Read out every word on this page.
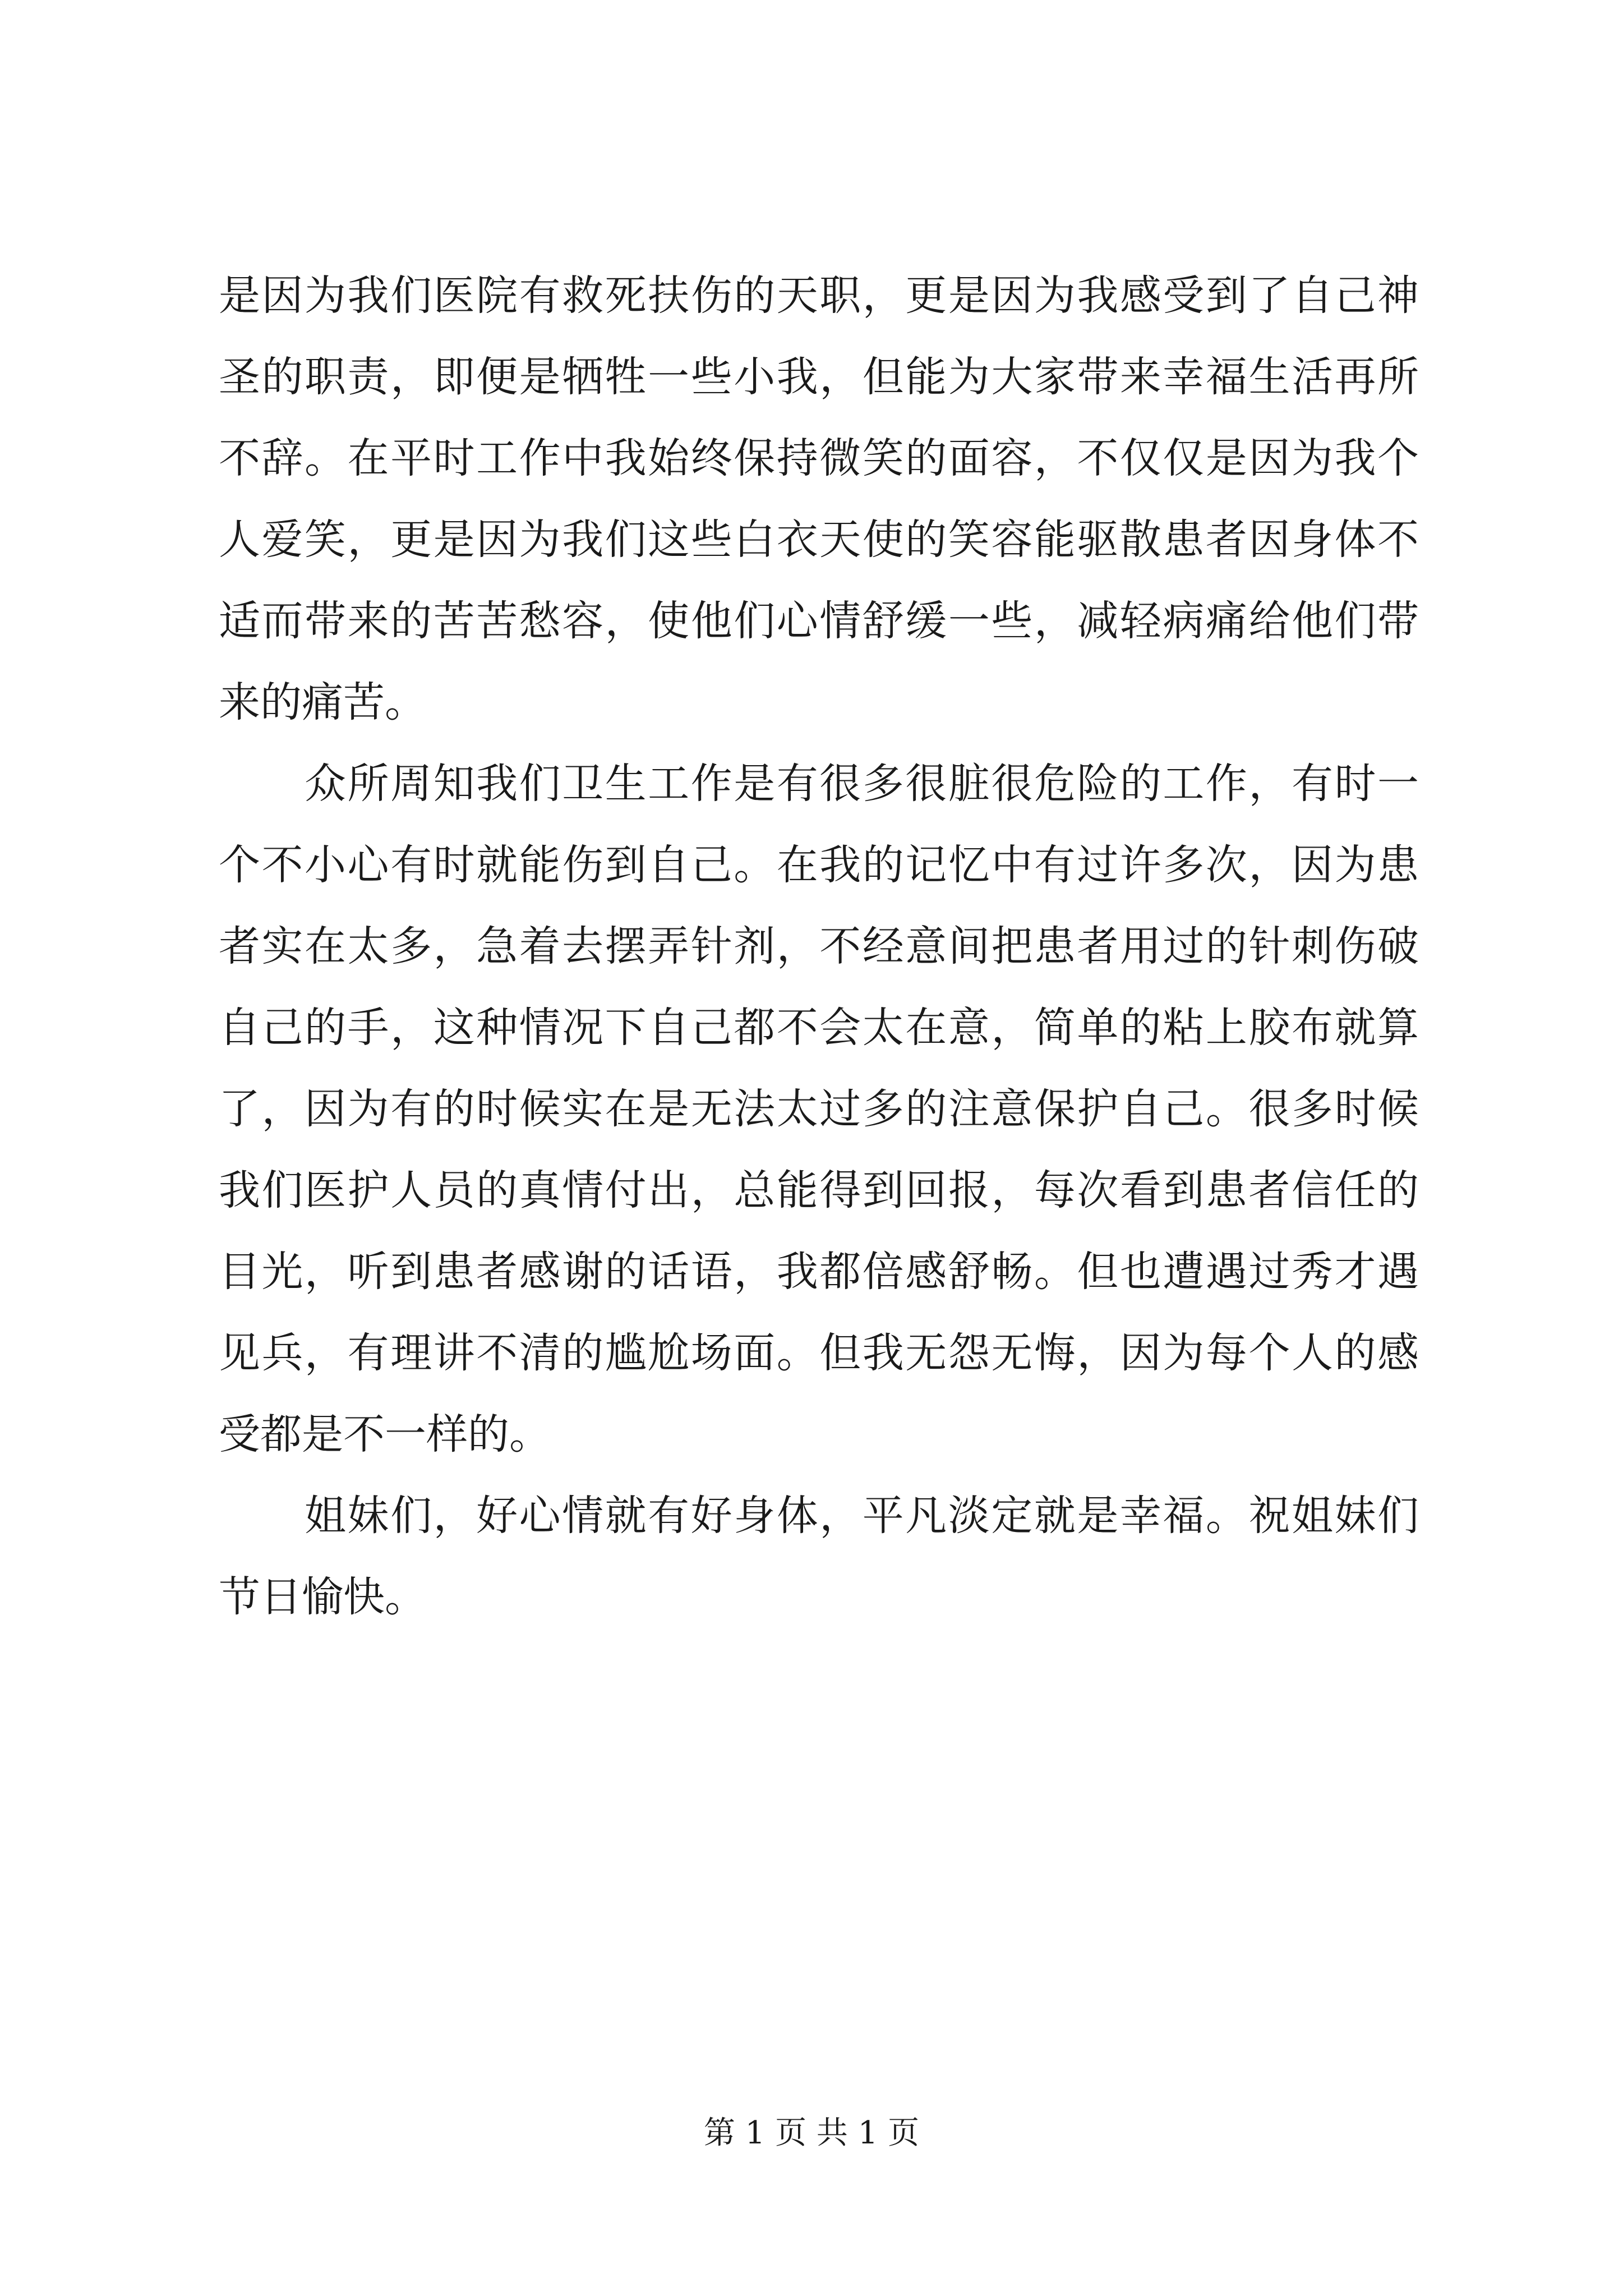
是因为我们医院有救死扶伤的天职，更是因为我感受到了自己神
圣的职责，即便是牺牲一些小我，但能为大家带来幸福生活再所
不辞。在平时工作中我始终保持微笑的面容，不仅仅是因为我个
人爱笑，更是因为我们这些白衣天使的笑容能驱散患者因身体不
适而带来的苦苦愁容，使他们心情舒缓一些，减轻病痛给他们带
来的痛苦。
　　众所周知我们卫生工作是有很多很脏很危险的工作，有时一
个不小心有时就能伤到自己。在我的记忆中有过许多次，因为患
者实在太多，急着去摆弄针剂，不经意间把患者用过的针刺伤破
自己的手，这种情况下自己都不会太在意，简单的粘上胶布就算
了，因为有的时候实在是无法太过多的注意保护自己。很多时候
我们医护人员的真情付出，总能得到回报，每次看到患者信任的
目光，听到患者感谢的话语，我都倍感舒畅。但也遭遇过秀才遇
见兵，有理讲不清的尴尬场面。但我无怨无悔，因为每个人的感
受都是不一样的。
　　姐妹们，好心情就有好身体，平凡淡定就是幸福。祝姐妹们
节日愉快。
第 1 页 共 1 页
